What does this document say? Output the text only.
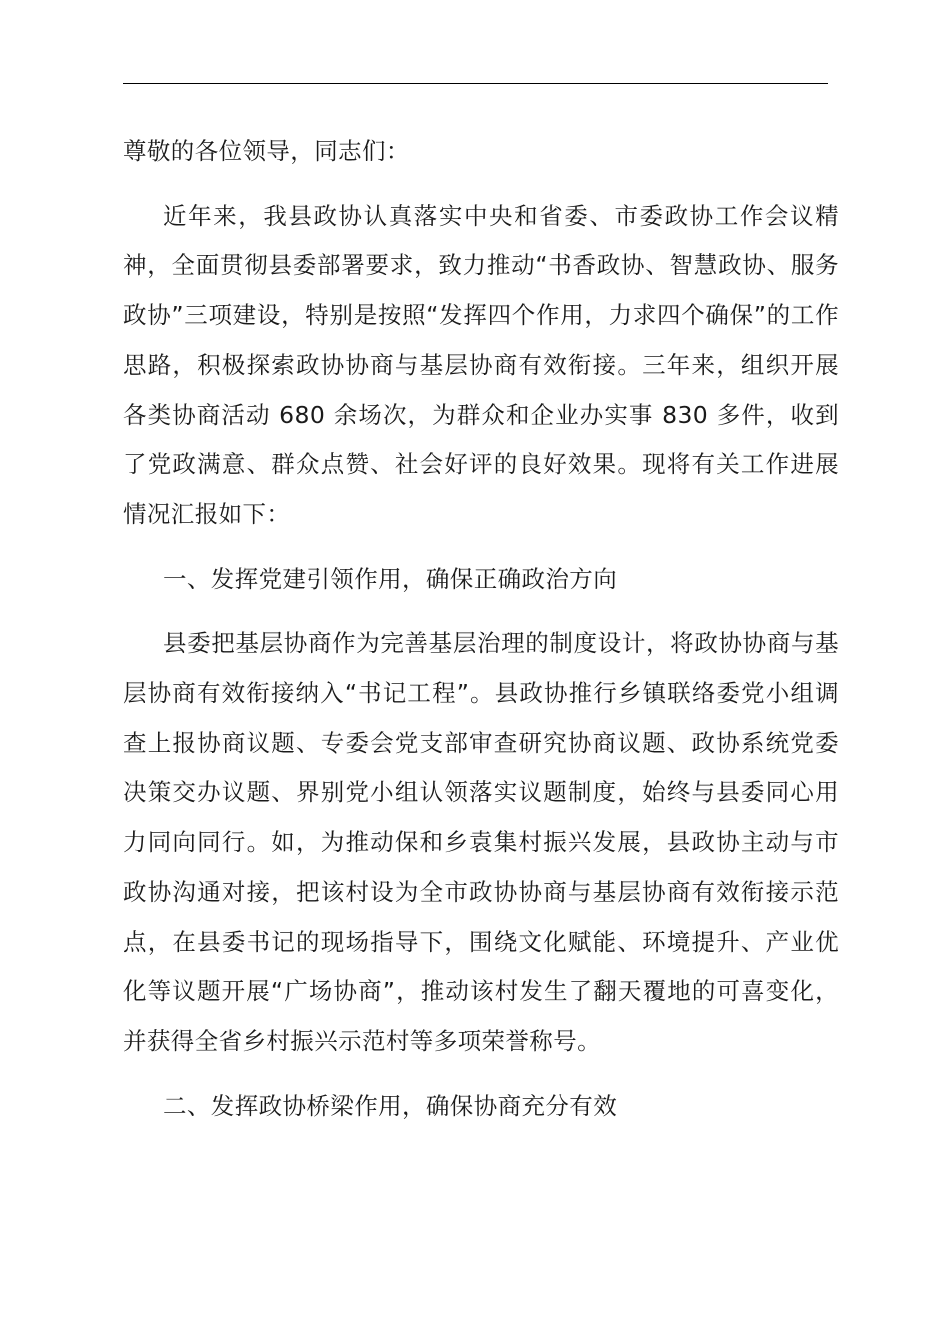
尊敬的各位领导，同志们：

近年来，我县政协认真落实中央和省委、市委政协工作会议精神，全面贯彻县委部署要求，致力推动“书香政协、智慧政协、服务政协”三项建设，特别是按照“发挥四个作用，力求四个确保”的工作思路，积极探索政协协商与基层协商有效衔接。三年来，组织开展各类协商活动 680 余场次，为群众和企业办实事 830 多件，收到了党政满意、群众点赞、社会好评的良好效果。现将有关工作进展情况汇报如下：

一、发挥党建引领作用，确保正确政治方向

县委把基层协商作为完善基层治理的制度设计，将政协协商与基层协商有效衔接纳入“书记工程”。县政协推行乡镇联络委党小组调查上报协商议题、专委会党支部审查研究协商议题、政协系统党委决策交办议题、界别党小组认领落实议题制度，始终与县委同心用力同向同行。如，为推动保和乡袁集村振兴发展，县政协主动与市政协沟通对接，把该村设为全市政协协商与基层协商有效衔接示范点，在县委书记的现场指导下，围绕文化赋能、环境提升、产业优化等议题开展“广场协商”，推动该村发生了翻天覆地的可喜变化，并获得全省乡村振兴示范村等多项荣誉称号。

二、发挥政协桥梁作用，确保协商充分有效
